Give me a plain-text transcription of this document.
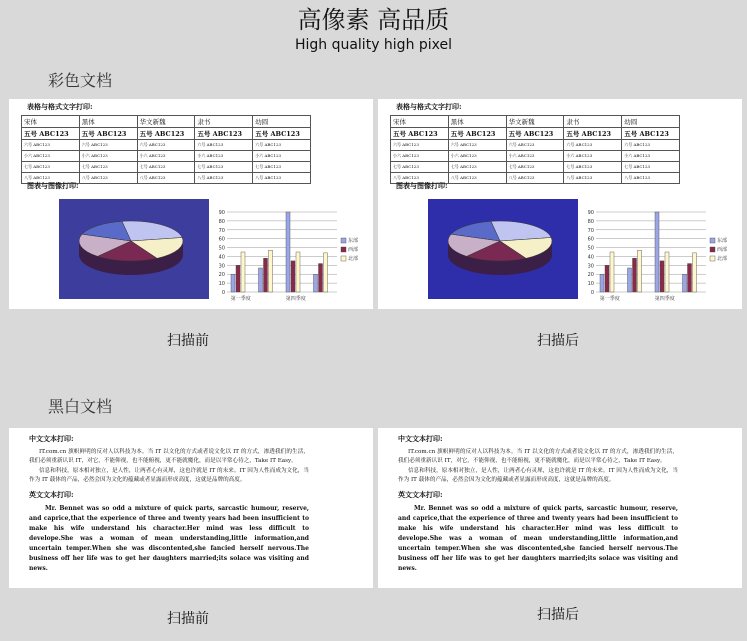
高像素 高品质
High quality high pixel
彩色文档
黑白文档
表格与格式文字打印:
宋体	黑体	华文新魏	隶书	幼圆
五号 ABC123	五号 ABC123	五号 ABC123	五号 ABC123	五号 ABC123
六号 ABC123	六号 ABC123	六号 ABC123	六号 ABC123	六号 ABC123
小六 ABC123	小六 ABC123	小六 ABC123	小六 ABC123	小六 ABC123
七号 ABC123	七号 ABC123	七号 ABC123	七号 ABC123	七号 ABC123
八号 ABC123	八号 ABC123	八号 ABC123	八号 ABC123	八号 ABC123
图表与图像打印:
0
10
20
30
40
50
60
70
80
90
第一季度	第四季度
东部
西部
北部
表格与格式文字打印:
宋体	黑体	华文新魏	隶书	幼圆
五号 ABC123	五号 ABC123	五号 ABC123	五号 ABC123	五号 ABC123
六号 ABC123	六号 ABC123	六号 ABC123	六号 ABC123	六号 ABC123
小六 ABC123	小六 ABC123	小六 ABC123	小六 ABC123	小六 ABC123
七号 ABC123	七号 ABC123	七号 ABC123	七号 ABC123	七号 ABC123
八号 ABC123	八号 ABC123	八号 ABC123	八号 ABC123	八号 ABC123
图表与图像打印:
0
10
20
30
40
50
60
70
80
90
第一季度	第四季度
东部
西部
北部
扫描前	扫描后
中文文本打印:
IT.com.cn 旗帜鲜明的反对人以科技为本。当 IT 以文化的方式或者说文化以 IT 的方式，渗透我们的生活，我们必须重新认识 IT，对它，不能仰视，也不能俯视，更不能就魔化，而是以平常心待之，Take IT Easy。
信息和科技，原本相对独立，是人性，让两者心有灵犀，这也许就是 IT 的未来。IT 因为人性而成为文化，当作为 IT 载体的产品，必然会因为文化的蕴藏或者显露而形成高度，这就是品牌的高度。
英文文本打印:
Mr. Bennet was so odd a mixture of quick parts, sarcastic humour, reserve, and caprice,that the experience of three and twenty years had been insufficient to make his wife understand his character.Her mind was less difficult to develope.She was a woman of mean understanding,little information,and uncertain temper.When she was discontented,she fancied herself nervous.The business off her life was to get her daughters married;its solace was visiting and news.
中文文本打印:
IT.com.cn 旗帜鲜明的反对人以科技为本。当 IT 以文化的方式或者说文化以 IT 的方式，渗透我们的生活，我们必须重新认识 IT，对它，不能仰视，也不能俯视，更不能就魔化，而是以平常心待之，Take IT Easy。
信息和科技，原本相对独立，是人性，让两者心有灵犀，这也许就是 IT 的未来。IT 因为人性而成为文化，当作为 IT 载体的产品，必然会因为文化的蕴藏或者显露而形成高度，这就是品牌的高度。
英文文本打印:
Mr. Bennet was so odd a mixture of quick parts, sarcastic humour, reserve, and caprice,that the experience of three and twenty years had been insufficient to make his wife understand his character.Her mind was less difficult to develope.She was a woman of mean understanding,little information,and uncertain temper.When she was discontented,she fancied herself nervous.The business off her life was to get her daughters married;its solace was visiting and news.
扫描前	扫描后
